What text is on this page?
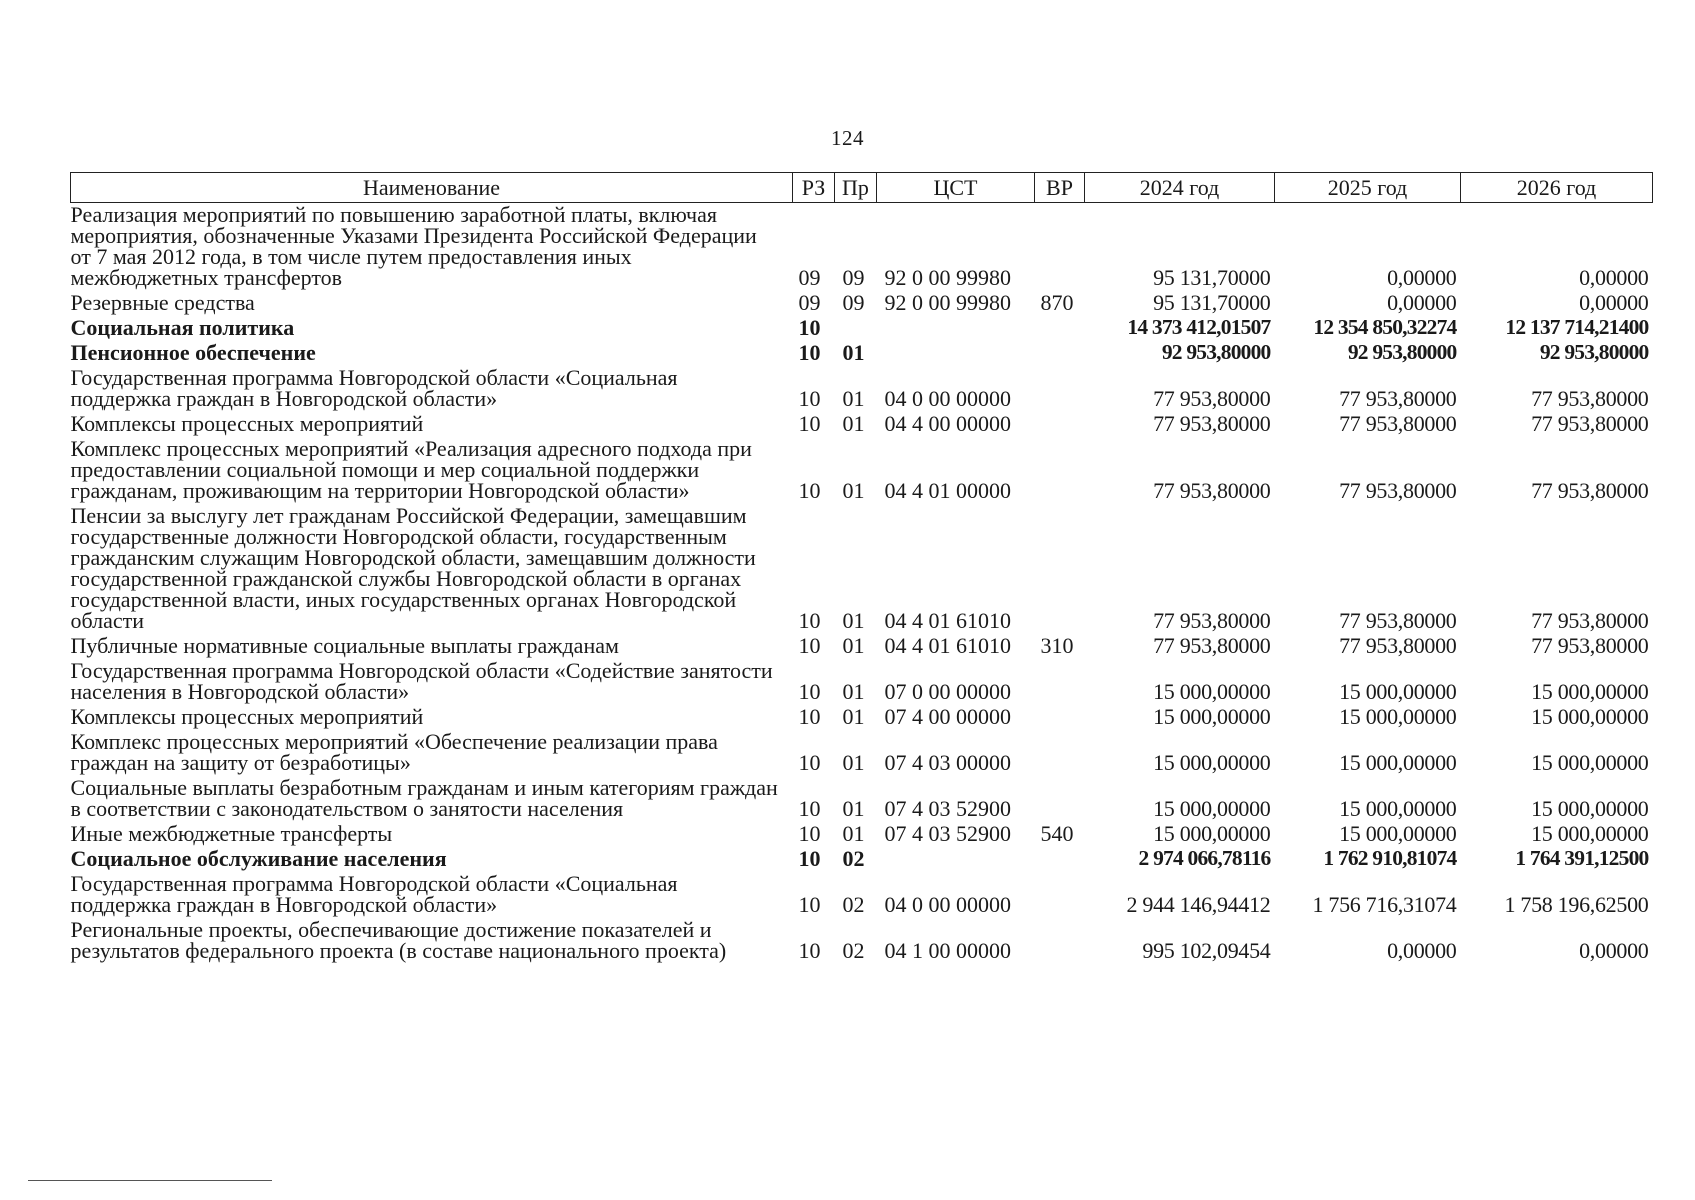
124
Наименование	РЗ	Пр	ЦСТ	ВР	2024 год	2025 год	2026 год
Реализация мероприятий по повышению заработной платы, включая мероприятия, обозначенные Указами Президента Российской Федерации от 7 мая 2012 года, в том числе путем предоставления иных межбюджетных трансфертов	09	09	92 0 00 99980		95 131,70000	0,00000	0,00000
Резервные средства	09	09	92 0 00 99980	870	95 131,70000	0,00000	0,00000
Социальная политика	10				14 373 412,01507	12 354 850,32274	12 137 714,21400
Пенсионное обеспечение	10	01			92 953,80000	92 953,80000	92 953,80000
Государственная программа Новгородской области «Социальная поддержка граждан в Новгородской области»	10	01	04 0 00 00000		77 953,80000	77 953,80000	77 953,80000
Комплексы процессных мероприятий	10	01	04 4 00 00000		77 953,80000	77 953,80000	77 953,80000
Комплекс процессных мероприятий «Реализация адресного подхода при предоставлении социальной помощи и мер социальной поддержки гражданам, проживающим на территории Новгородской области»	10	01	04 4 01 00000		77 953,80000	77 953,80000	77 953,80000
Пенсии за выслугу лет гражданам Российской Федерации, замещавшим государственные должности Новгородской области, государственным гражданским служащим Новгородской области, замещавшим должности государственной гражданской службы Новгородской области в органах государственной власти, иных государственных органах Новгородской области	10	01	04 4 01 61010		77 953,80000	77 953,80000	77 953,80000
Публичные нормативные социальные выплаты гражданам	10	01	04 4 01 61010	310	77 953,80000	77 953,80000	77 953,80000
Государственная программа Новгородской области «Содействие занятости населения в Новгородской области»	10	01	07 0 00 00000		15 000,00000	15 000,00000	15 000,00000
Комплексы процессных мероприятий	10	01	07 4 00 00000		15 000,00000	15 000,00000	15 000,00000
Комплекс процессных мероприятий «Обеспечение реализации права граждан на защиту от безработицы»	10	01	07 4 03 00000		15 000,00000	15 000,00000	15 000,00000
Социальные выплаты безработным гражданам и иным категориям граждан в соответствии с законодательством о занятости населения	10	01	07 4 03 52900		15 000,00000	15 000,00000	15 000,00000
Иные межбюджетные трансферты	10	01	07 4 03 52900	540	15 000,00000	15 000,00000	15 000,00000
Социальное обслуживание населения	10	02			2 974 066,78116	1 762 910,81074	1 764 391,12500
Государственная программа Новгородской области «Социальная поддержка граждан в Новгородской области»	10	02	04 0 00 00000		2 944 146,94412	1 756 716,31074	1 758 196,62500
Региональные проекты, обеспечивающие достижение показателей и результатов федерального проекта (в составе национального проекта)	10	02	04 1 00 00000		995 102,09454	0,00000	0,00000
